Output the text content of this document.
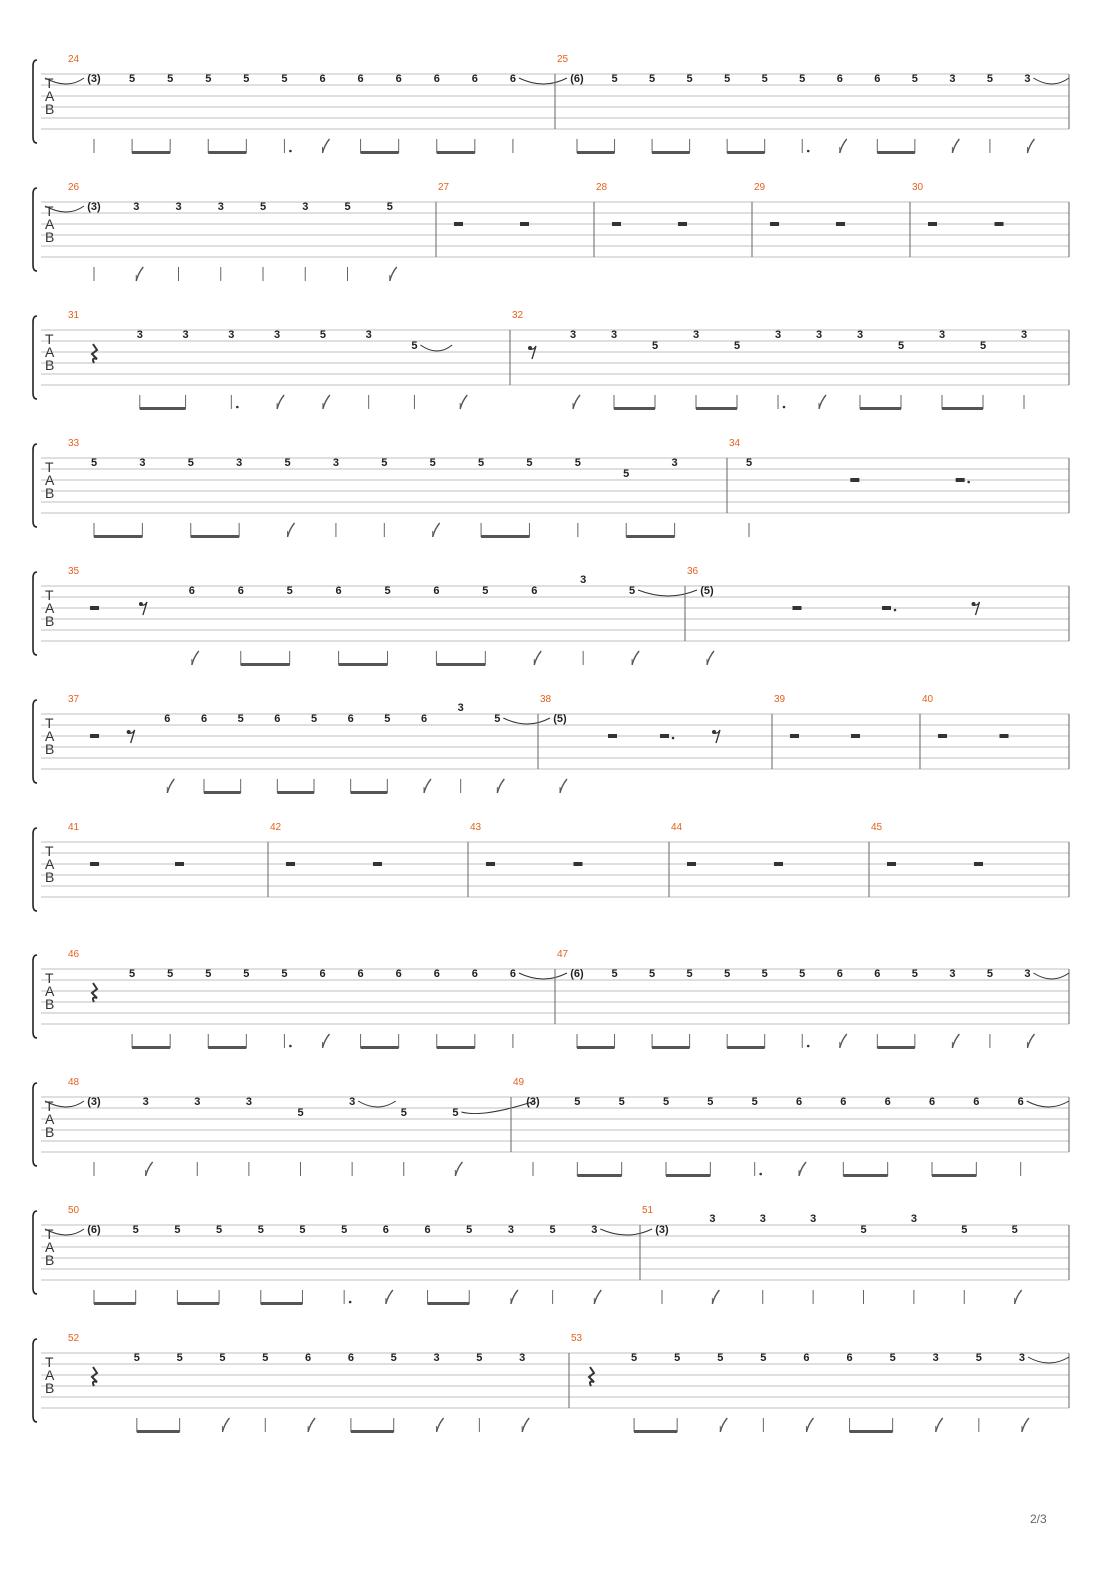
T
A
B
24
(3)	5	5	5	5	5	6	6	6	6	6	6
25
(6)	5	5	5	5	5	5	6	6	5	3	5	3
T
A
B
26
(3)	3	3	3	5	3	5	5
27	28	29	30
T
A
B
31
3	3	3	3	5	3
5
32
3	3
5
3
5
3	3	3
5
3
5
3
T
A
B
33
5	3	5	3	5	3	5	5	5	5	5
5
3
34
5
T
A
B
35
6	6	5	6	5	6	5	6
3
5
36
(5)
T
A
B
37
6	6	5	6	5	6	5	6
3
5
38
(5)
39	40
T
A
B
41	42	43	44	45
T
A
B
46
5	5	5	5	5	6	6	6	6	6	6
47
(6)	5	5	5	5	5	5	6	6	5	3	5	3
T
A
B
48
(3)	3	3	3
5
3
5	5
49
(3)	5	5	5	5	5	6	6	6	6	6	6
T
A
B
50
(6)	5	5	5	5	5	5	6	6	5	3	5	3
51
(3)
3	3	3
5
3
5	5
T
A
B
52
5	5	5	5	6	6	5	3	5	3
53
5	5	5	5	6	6	5	3	5	3
2/3
